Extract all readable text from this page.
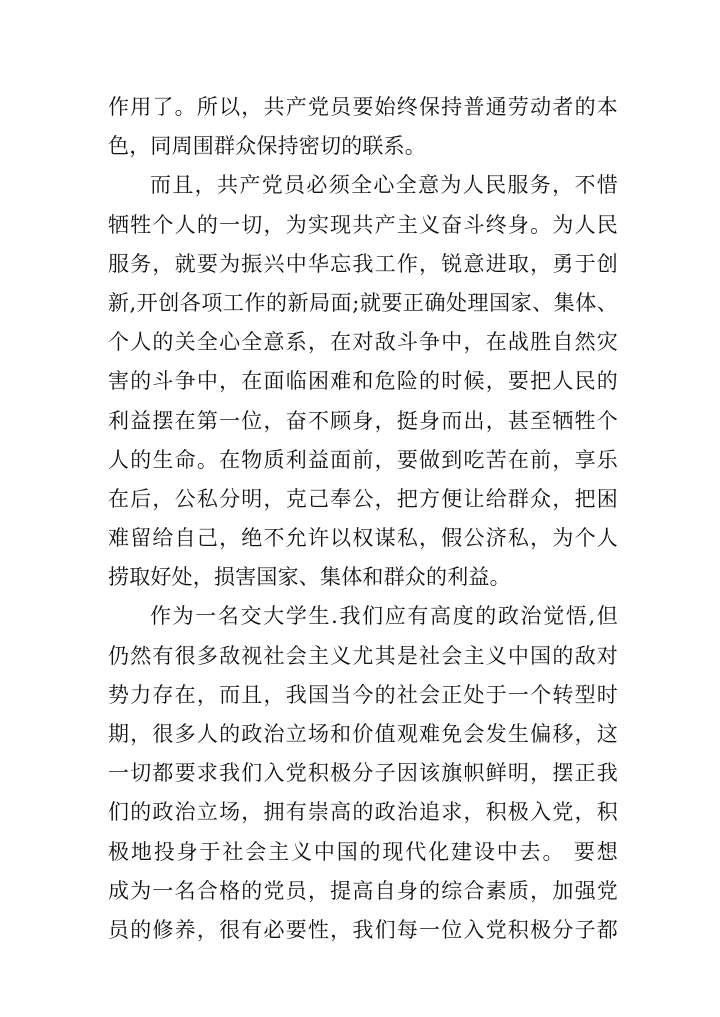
作用了。所以，共产党员要始终保持普通劳动者的本
色，同周围群众保持密切的联系。
而且，共产党员必须全心全意为人民服务，不惜
牺牲个人的一切，为实现共产主义奋斗终身。为人民
服务，就要为振兴中华忘我工作，锐意进取，勇于创
新,开创各项工作的新局面;就要正确处理国家、集体、
个人的关全心全意系，在对敌斗争中，在战胜自然灾
害的斗争中，在面临困难和危险的时候，要把人民的
利益摆在第一位，奋不顾身，挺身而出，甚至牺牲个
人的生命。在物质利益面前，要做到吃苦在前，享乐
在后，公私分明，克己奉公，把方便让给群众，把困
难留给自己，绝不允许以权谋私，假公济私，为个人
捞取好处，损害国家、集体和群众的利益。
作为一名交大学生.我们应有高度的政治觉悟,但
仍然有很多敌视社会主义尤其是社会主义中国的敌对
势力存在，而且，我国当今的社会正处于一个转型时
期，很多人的政治立场和价值观难免会发生偏移，这
一切都要求我们入党积极分子因该旗帜鲜明，摆正我
们的政治立场，拥有崇高的政治追求，积极入党，积
极地投身于社会主义中国的现代化建设中去。 要想
成为一名合格的党员，提高自身的综合素质，加强党
员的修养，很有必要性，我们每一位入党积极分子都
